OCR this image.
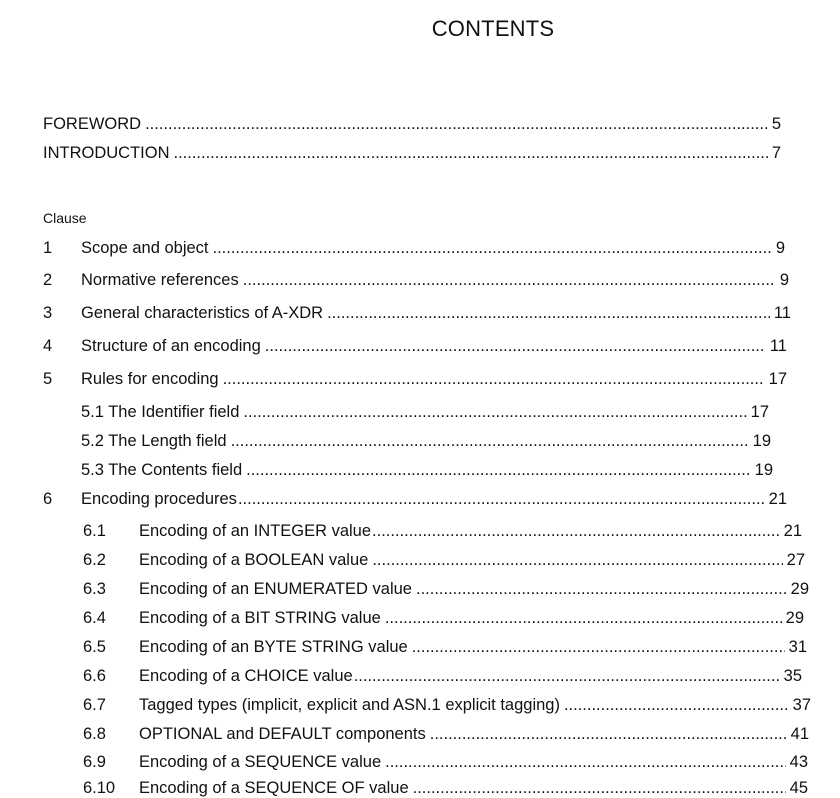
CONTENTS
FOREWORD .....	5
INTRODUCTION .....	7
Clause
1	Scope and object .....	9
2	Normative references .....	9
3	General characteristics of A-XDR .....	11
4	Structure of an encoding .....	11
5	Rules for encoding .....	17
5.1 The Identifier field .....	17
5.2 The Length field .....	19
5.3 The Contents field .....	19
6	Encoding procedures .....	21
6.1	Encoding of an INTEGER value .....	21
6.2	Encoding of a BOOLEAN value .....	27
6.3	Encoding of an ENUMERATED value .....	29
6.4	Encoding of a BIT STRING value .....	29
6.5	Encoding of an BYTE STRING value .....	31
6.6	Encoding of a CHOICE value .....	35
6.7	Tagged types (implicit, explicit and ASN.1 explicit tagging) .....	37
6.8	OPTIONAL and DEFAULT components .....	41
6.9	Encoding of a SEQUENCE value .....	43
6.10	Encoding of a SEQUENCE OF value .....	45
